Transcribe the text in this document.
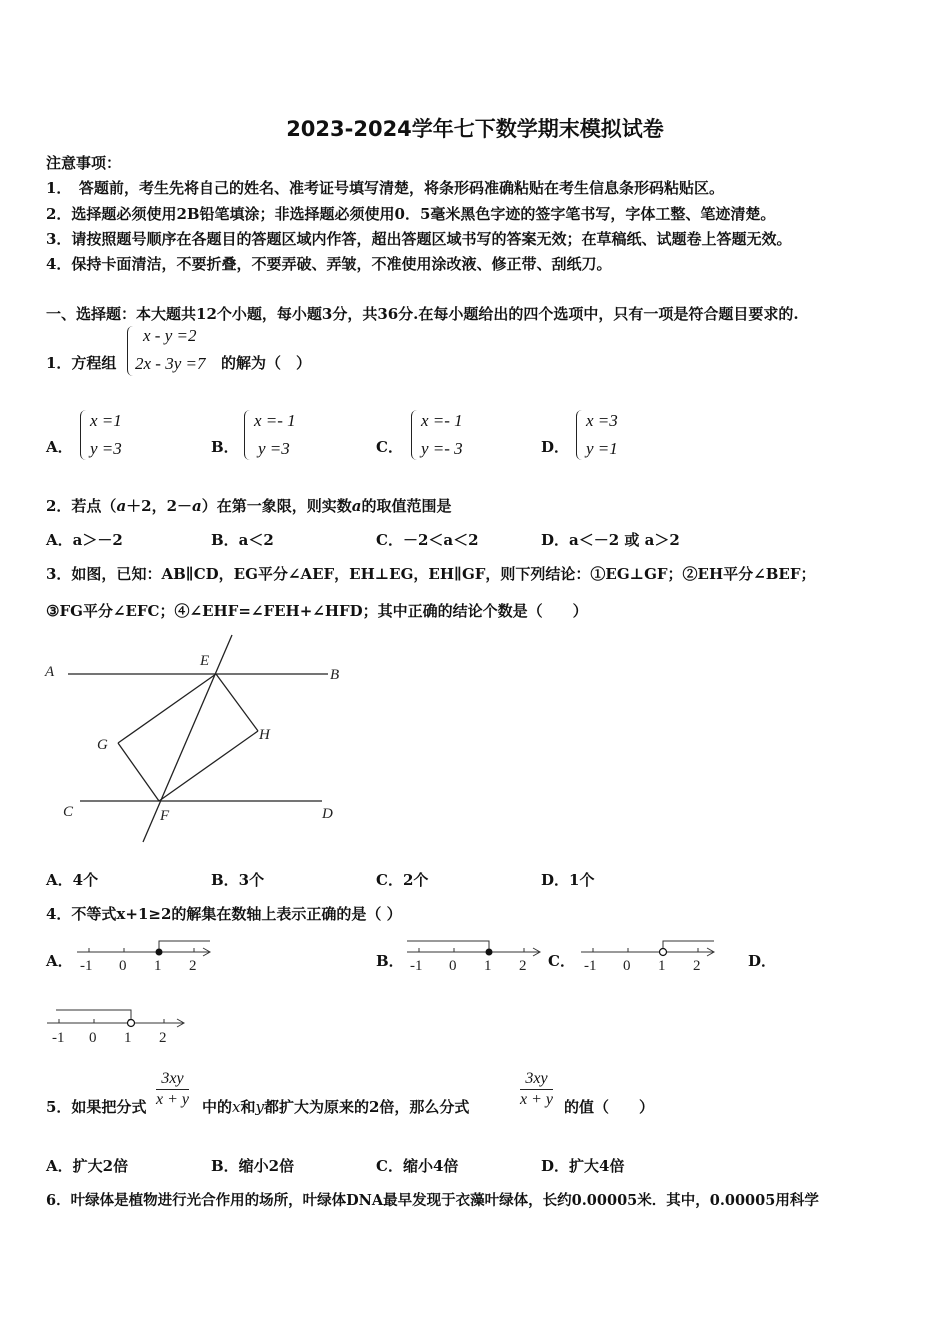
2023-2024学年七下数学期末模拟试卷
注意事项：
1．　答题前，考生先将自己的姓名、准考证号填写清楚，将条形码准确粘贴在考生信息条形码粘贴区。
2．选择题必须使用2B铅笔填涂；非选择题必须使用0．5毫米黑色字迹的签字笔书写，字体工整、笔迹清楚。
3．请按照题号顺序在各题目的答题区域内作答，超出答题区域书写的答案无效；在草稿纸、试题卷上答题无效。
4．保持卡面清洁，不要折叠，不要弄破、弄皱，不准使用涂改液、修正带、刮纸刀。
一、选择题：本大题共12个小题，每小题3分，共36分.在每小题给出的四个选项中，只有一项是符合题目要求的.
1．方程组
x - y =2
2x - 3y =7 的解为（　）
A．
x =1
y =3	B．
x =- 1
y =3	C．
x =- 1
y =- 3	D．
x =3
y =1
2．若点（a＋2，2－a）在第一象限，则实数a的取值范围是
A．a＞－2	B．a＜2	C．－2＜a＜2	D．a＜－2 或 a＞2
3．如图，已知：AB∥CD，EG平分∠AEF，EH⊥EG，EH∥GF，则下列结论：①EG⊥GF；②EH平分∠BEF；
③FG平分∠EFC；④∠EHF=∠FEH+∠HFD；其中正确的结论个数是（　　）
A	B
E
G
H
C	F	D
A．4个	B．3个	C．2个	D．1个
4．不等式x+1≥2的解集在数轴上表示正确的是（ ）
A． -1 0 1 2	B． -1 0 1 2 C． -1 0 1 2	D．
-1 0 1 2
5．如果把分式 $\frac{3xy}{x + y}$ 中的x和y都扩大为原来的2倍，那么分式	$\frac{3xy}{x + y}$ 的值（　　）
A．扩大2倍	B．缩小2倍	C．缩小4倍	D．扩大4倍
6．叶绿体是植物进行光合作用的场所，叶绿体DNA最早发现于衣藻叶绿体，长约0.00005米．其中，0.00005用科学
